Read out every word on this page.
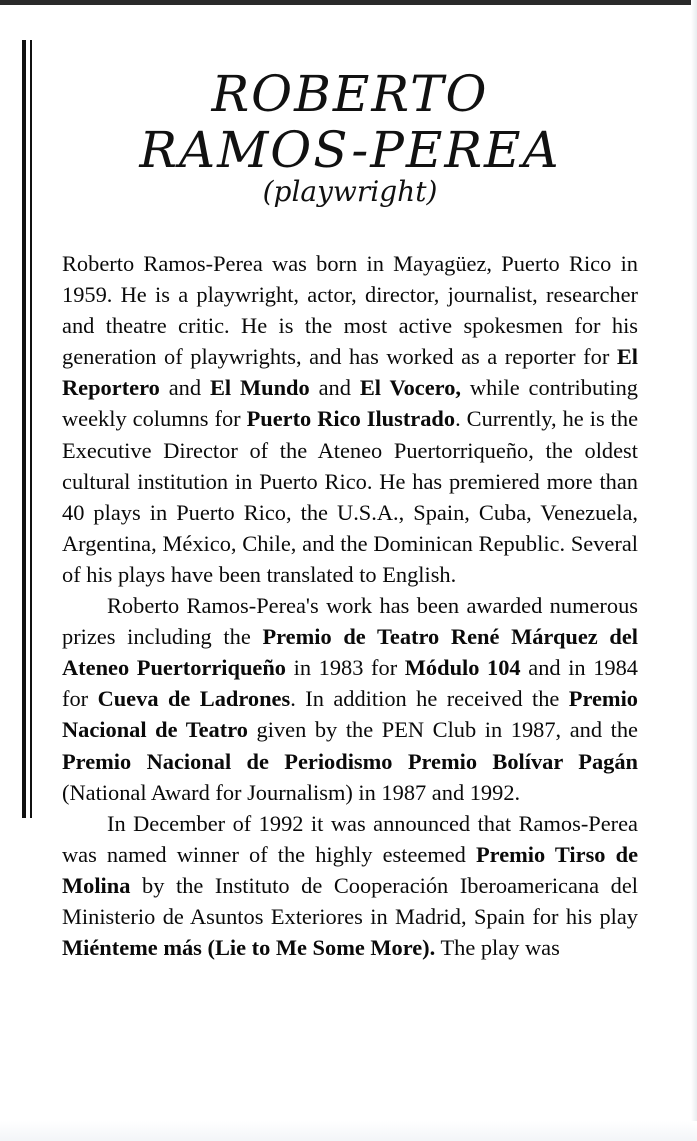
ROBERTO
RAMOS-PEREA
(playwright)

Roberto Ramos-Perea was born in Mayagüez, Puerto Rico in 1959. He is a playwright, actor, director, journalist, researcher and theatre critic. He is the most active spokesmen for his generation of playwrights, and has worked as a reporter for El Reportero and El Mundo and El Vocero, while contributing weekly columns for Puerto Rico Ilustrado. Currently, he is the Executive Director of the Ateneo Puertorriqueño, the oldest cultural institution in Puerto Rico. He has premiered more than 40 plays in Puerto Rico, the U.S.A., Spain, Cuba, Venezuela, Argentina, México, Chile, and the Dominican Republic. Several of his plays have been translated to English.

Roberto Ramos-Perea's work has been awarded numerous prizes including the Premio de Teatro René Márquez del Ateneo Puertorriqueño in 1983 for Módulo 104 and in 1984 for Cueva de Ladrones. In addition he received the Premio Nacional de Teatro given by the PEN Club in 1987, and the Premio Nacional de Periodismo Premio Bolívar Pagán (National Award for Journalism) in 1987 and 1992.

In December of 1992 it was announced that Ramos-Perea was named winner of the highly esteemed Premio Tirso de Molina by the Instituto de Cooperación Iberoamericana del Ministerio de Asuntos Exteriores in Madrid, Spain for his play Miénteme más (Lie to Me Some More). The play was
